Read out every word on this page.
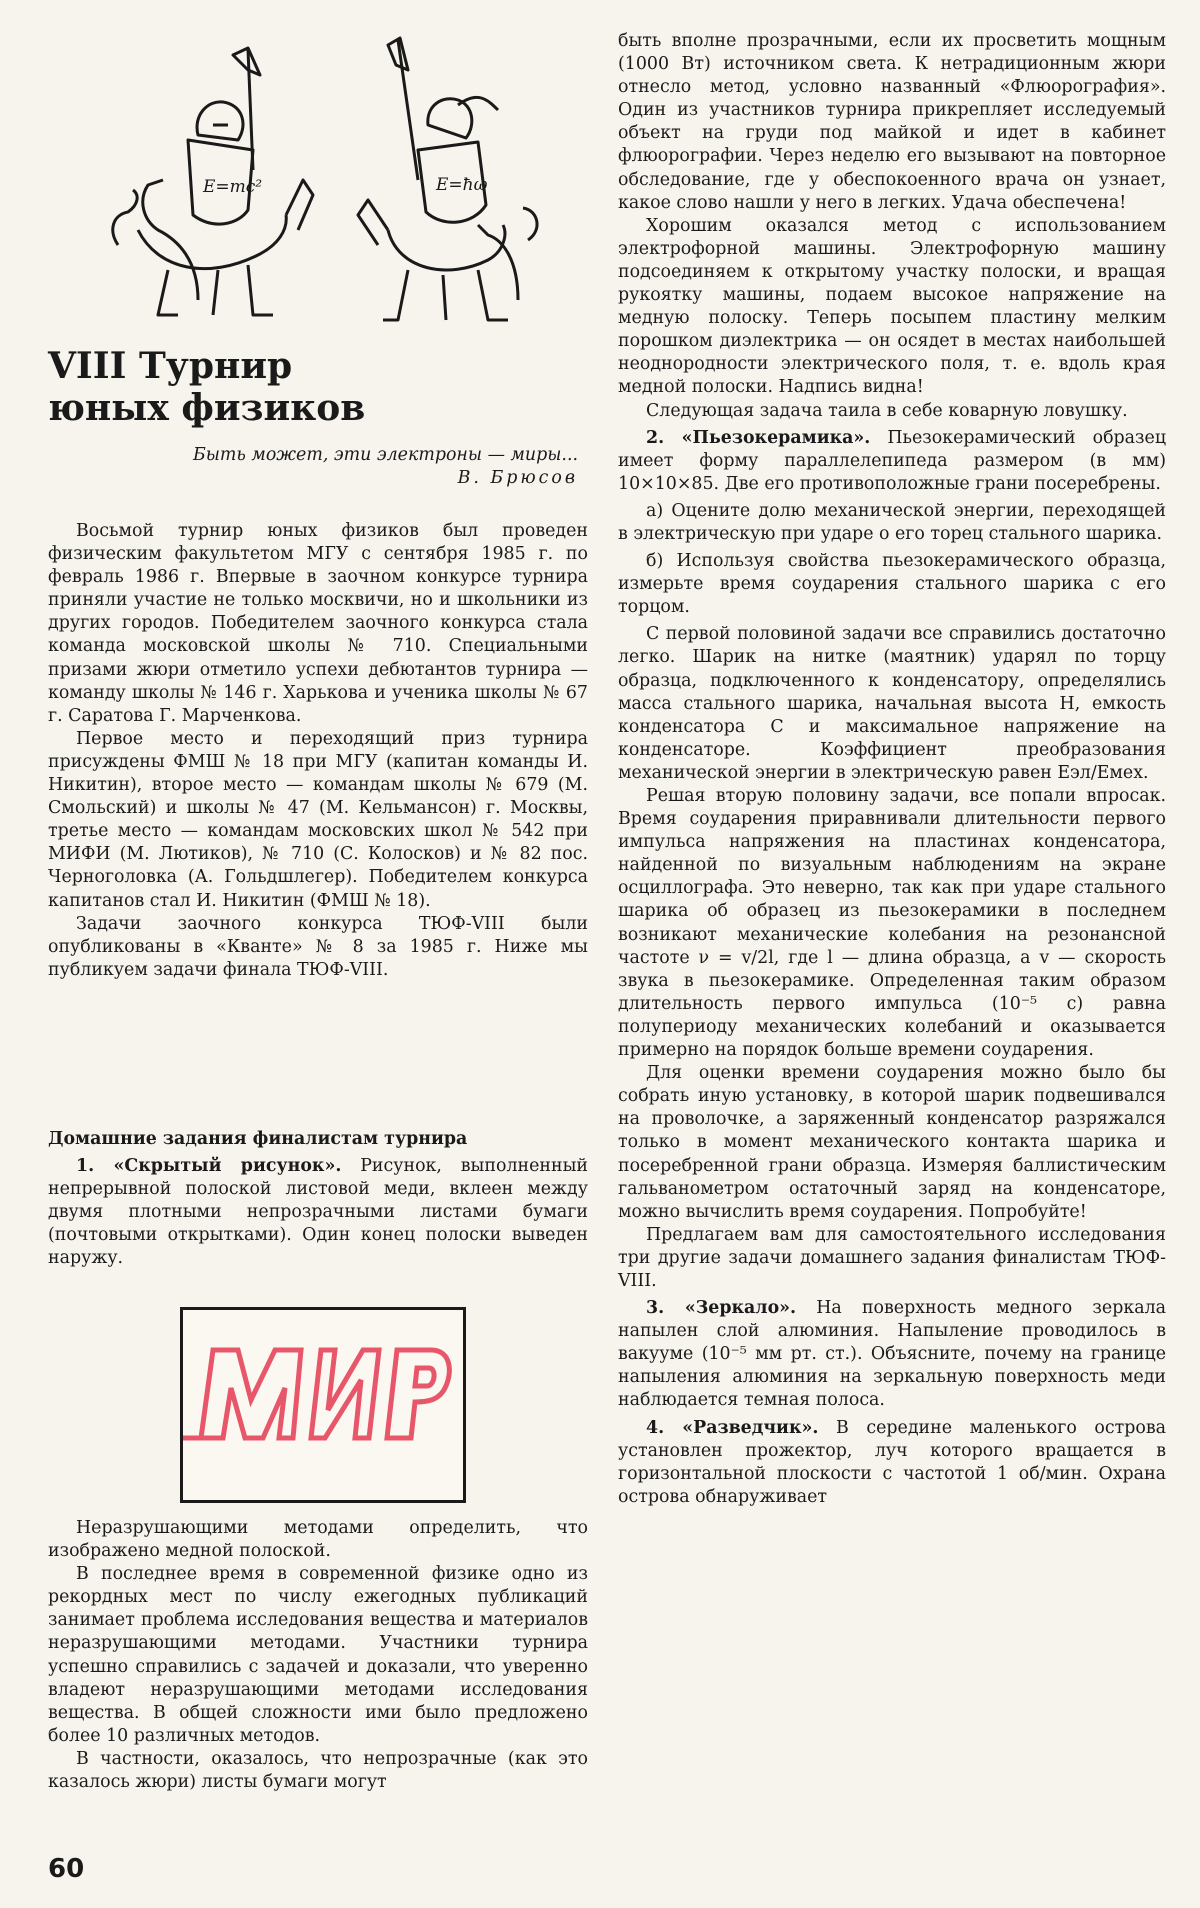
E=mc²	E=ħω
VIII Турнир
юных физиков
Быть может, эти электроны — миры...
В. Брюсов

Восьмой турнир юных физиков был проведен физическим факультетом МГУ с сентября 1985 г. по февраль 1986 г. Впервые в заочном конкурсе турнира приняли участие не только москвичи, но и школьники из других городов. Победителем заочного конкурса стала команда московской школы № 710. Специальными призами жюри отметило успехи дебютантов турнира — команду школы № 146 г. Харькова и ученика школы № 67 г. Саратова Г. Марченкова.

Первое место и переходящий приз турнира присуждены ФМШ № 18 при МГУ (капитан команды И. Никитин), второе место — командам школы № 679 (М. Смольский) и школы № 47 (М. Кельмансон) г. Москвы, третье место — командам московских школ № 542 при МИФИ (М. Лютиков), № 710 (С. Колосков) и № 82 пос. Черноголовка (А. Гольдшлегер). Победителем конкурса капитанов стал И. Никитин (ФМШ № 18).

Задачи заочного конкурса ТЮФ-VIII были опубликованы в «Кванте» № 8 за 1985 г. Ниже мы публикуем задачи финала ТЮФ-VIII.

Домашние задания финалистам турнира

1. «Скрытый рисунок». Рисунок, выполненный непрерывной полоской листовой меди, вклеен между двумя плотными непрозрачными листами бумаги (почтовыми открытками). Один конец полоски выведен наружу.

МИР

Неразрушающими методами определить, что изображено медной полоской.

В последнее время в современной физике одно из рекордных мест по числу ежегодных публикаций занимает проблема исследования вещества и материалов неразрушающими методами. Участники турнира успешно справились с задачей и доказали, что уверенно владеют неразрушающими методами исследования вещества. В общей сложности ими было предложено более 10 различных методов.

В частности, оказалось, что непрозрачные (как это казалось жюри) листы бумаги могут

60

быть вполне прозрачными, если их просветить мощным (1000 Вт) источником света. К нетрадиционным жюри отнесло метод, условно названный «Флюорография». Один из участников турнира прикрепляет исследуемый объект на груди под майкой и идет в кабинет флюорографии. Через неделю его вызывают на повторное обследование, где у обеспокоенного врача он узнает, какое слово нашли у него в легких. Удача обеспечена!

Хорошим оказался метод с использованием электрофорной машины. Электрофорную машину подсоединяем к открытому участку полоски, и вращая рукоятку машины, подаем высокое напряжение на медную полоску. Теперь посыпем пластину мелким порошком диэлектрика — он осядет в местах наибольшей неоднородности электрического поля, т. е. вдоль края медной полоски. Надпись видна!

Следующая задача таила в себе коварную ловушку.

2. «Пьезокерамика». Пьезокерамический образец имеет форму параллелепипеда размером (в мм) 10×10×85. Две его противоположные грани посеребрены.

а) Оцените долю механической энергии, переходящей в электрическую при ударе о его торец стального шарика.

б) Используя свойства пьезокерамического образца, измерьте время соударения стального шарика с его торцом.

С первой половиной задачи все справились достаточно легко. Шарик на нитке (маятник) ударял по торцу образца, подключенного к конденсатору, определялись масса стального шарика, начальная высота H, емкость конденсатора C и максимальное напряжение на конденсаторе. Коэффициент преобразования механической энергии в электрическую равен Eэл/Eмех.

Решая вторую половину задачи, все попали впросак. Время соударения приравнивали длительности первого импульса напряжения на пластинах конденсатора, найденной по визуальным наблюдениям на экране осциллографа. Это неверно, так как при ударе стального шарика об образец из пьезокерамики в последнем возникают механические колебания на резонансной частоте ν = v/2l, где l — длина образца, а v — скорость звука в пьезокерамике. Определенная таким образом длительность первого импульса (10⁻⁵ с) равна полупериоду механических колебаний и оказывается примерно на порядок больше времени соударения.

Для оценки времени соударения можно было бы собрать иную установку, в которой шарик подвешивался на проволочке, а заряженный конденсатор разряжался только в момент механического контакта шарика и посеребренной грани образца. Измеряя баллистическим гальванометром остаточный заряд на конденсаторе, можно вычислить время соударения. Попробуйте!

Предлагаем вам для самостоятельного исследования три другие задачи домашнего задания финалистам ТЮФ-VIII.

3. «Зеркало». На поверхность медного зеркала напылен слой алюминия. Напыление проводилось в вакууме (10⁻⁵ мм рт. ст.). Объясните, почему на границе напыления алюминия на зеркальную поверхность меди наблюдается темная полоса.

4. «Разведчик». В середине маленького острова установлен прожектор, луч которого вращается в горизонтальной плоскости с частотой 1 об/мин. Охрана острова обнаруживает
